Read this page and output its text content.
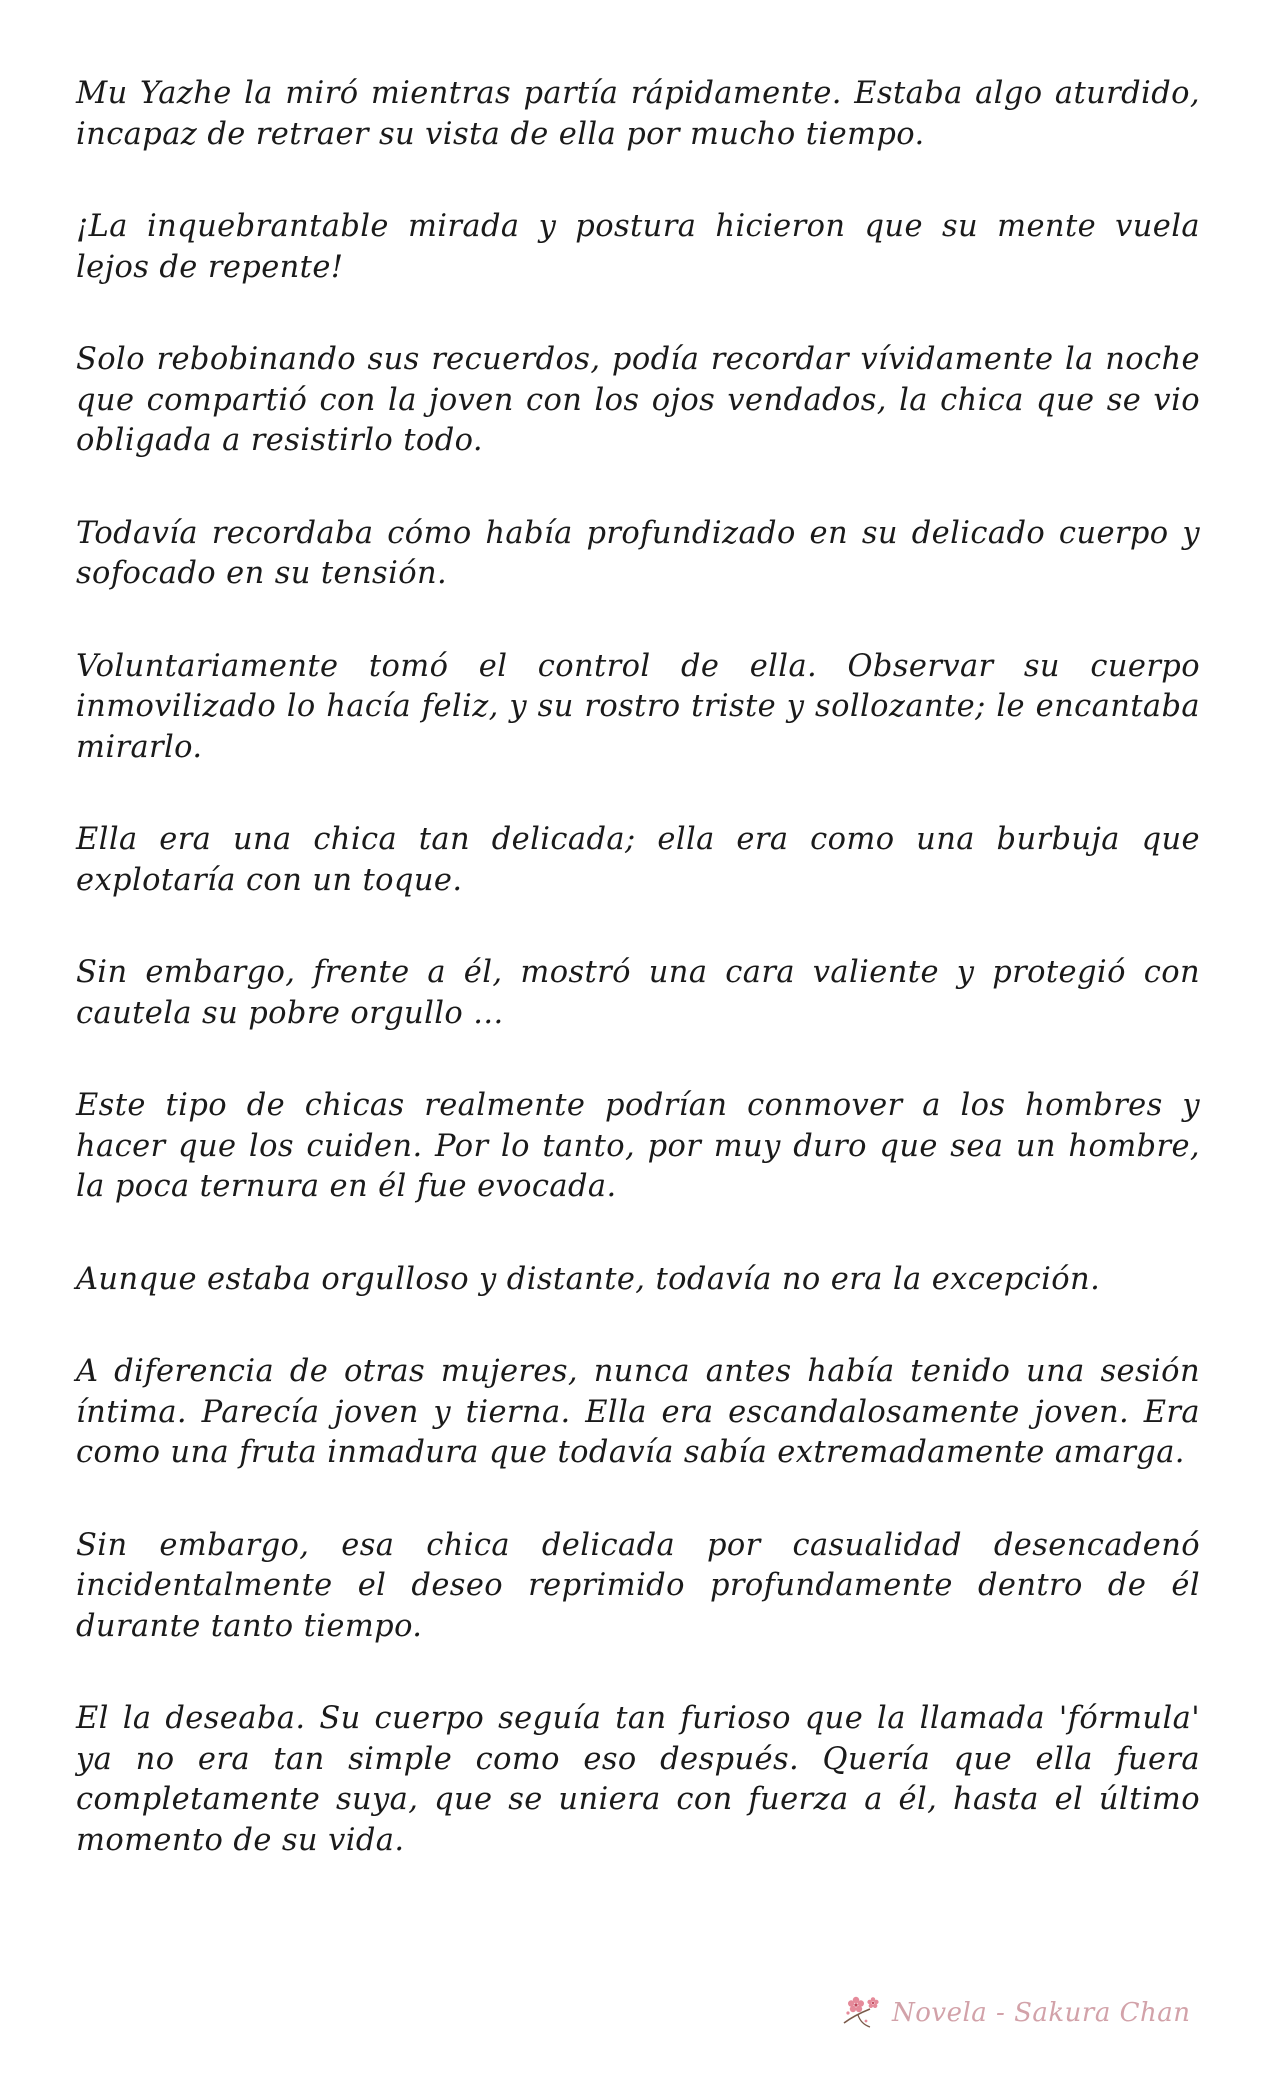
Mu Yazhe la miró mientras partía rápidamente. Estaba algo aturdido, incapaz de retraer su vista de ella por mucho tiempo.

¡La inquebrantable mirada y postura hicieron que su mente vuela lejos de repente!

Solo rebobinando sus recuerdos, podía recordar vívidamente la noche que compartió con la joven con los ojos vendados, la chica que se vio obligada a resistirlo todo.

Todavía recordaba cómo había profundizado en su delicado cuerpo y sofocado en su tensión.

Voluntariamente tomó el control de ella. Observar su cuerpo inmovilizado lo hacía feliz, y su rostro triste y sollozante; le encantaba mirarlo.

Ella era una chica tan delicada; ella era como una burbuja que explotaría con un toque.

Sin embargo, frente a él, mostró una cara valiente y protegió con cautela su pobre orgullo ...

Este tipo de chicas realmente podrían conmover a los hombres y hacer que los cuiden. Por lo tanto, por muy duro que sea un hombre, la poca ternura en él fue evocada.

Aunque estaba orgulloso y distante, todavía no era la excepción.

A diferencia de otras mujeres, nunca antes había tenido una sesión íntima. Parecía joven y tierna. Ella era escandalosamente joven. Era como una fruta inmadura que todavía sabía extremadamente amarga.

Sin embargo, esa chica delicada por casualidad desencadenó incidentalmente el deseo reprimido profundamente dentro de él durante tanto tiempo.

El la deseaba. Su cuerpo seguía tan furioso que la llamada 'fórmula' ya no era tan simple como eso después. Quería que ella fuera completamente suya, que se uniera con fuerza a él, hasta el último momento de su vida.

Novela - Sakura Chan
